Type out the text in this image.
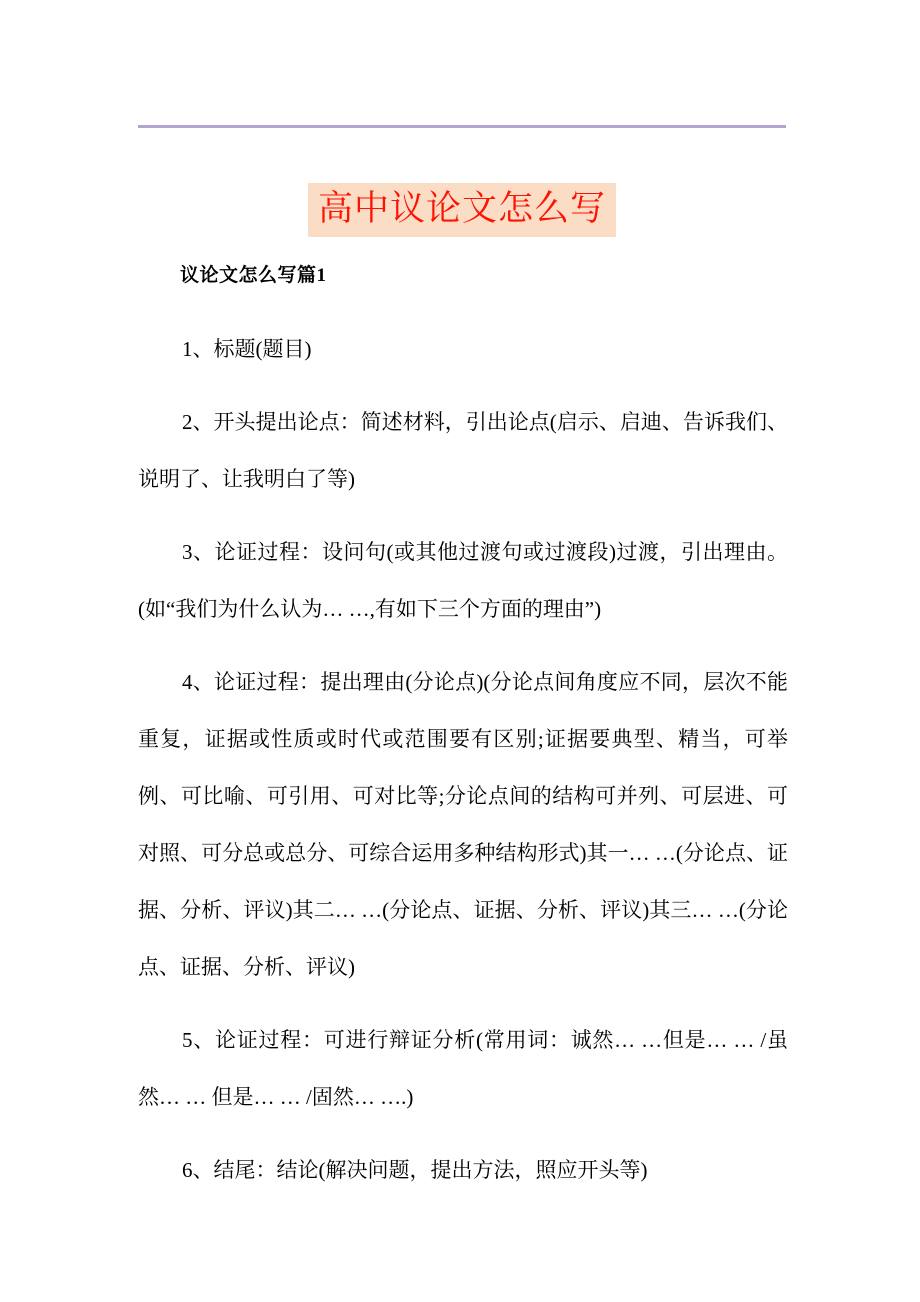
高中议论文怎么写
议论文怎么写篇1

1、标题(题目)

2、开头提出论点：简述材料，引出论点(启示、启迪、告诉我们、说明了、让我明白了等)

3、论证过程：设问句(或其他过渡句或过渡段)过渡，引出理由。(如“我们为什么认为… …,有如下三个方面的理由”)

4、论证过程：提出理由(分论点)(分论点间角度应不同，层次不能重复，证据或性质或时代或范围要有区别;证据要典型、精当，可举例、可比喻、可引用、可对比等;分论点间的结构可并列、可层进、可对照、可分总或总分、可综合运用多种结构形式)其一… …(分论点、证据、分析、评议)其二… …(分论点、证据、分析、评议)其三… …(分论点、证据、分析、评议)

5、论证过程：可进行辩证分析(常用词：诚然… …但是… … /虽然… … 但是… … /固然… ….)

6、结尾：结论(解决问题，提出方法，照应开头等)
